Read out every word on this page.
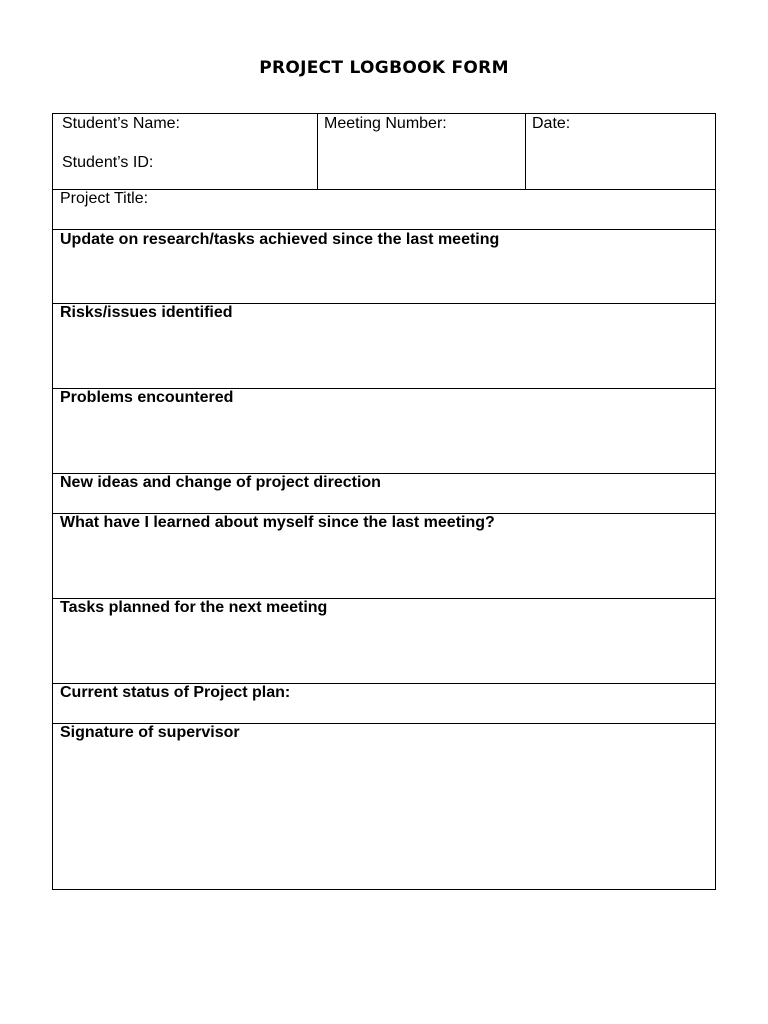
PROJECT LOGBOOK FORM
Student’s Name:
Student’s ID:
Meeting Number:	Date:
Project Title:
Update on research/tasks achieved since the last meeting
Risks/issues identified
Problems encountered
New ideas and change of project direction
What have I learned about myself since the last meeting?
Tasks planned for the next meeting
Current status of Project plan:
Signature of supervisor
